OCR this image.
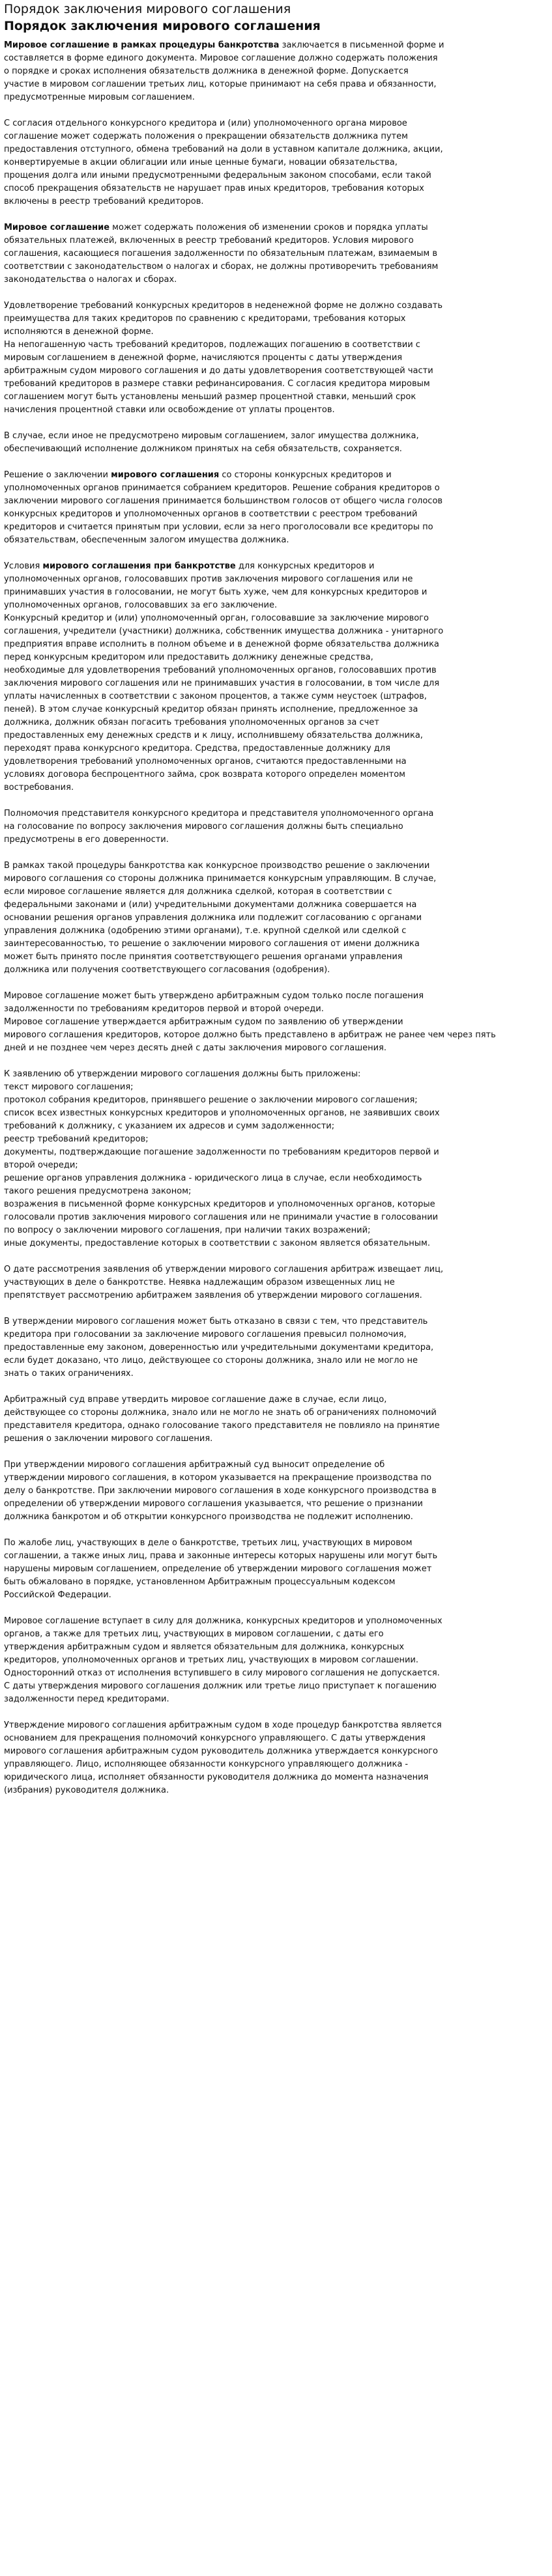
Порядок заключения мирового соглашения
Порядок заключения мирового соглашения

Мировое соглашение в рамках процедуры банкротства заключается в письменной форме и
составляется в форме единого документа. Мировое соглашение должно содержать положения
о порядке и сроках исполнения обязательств должника в денежной форме. Допускается
участие в мировом соглашении третьих лиц, которые принимают на себя права и обязанности,
предусмотренные мировым соглашением.

С согласия отдельного конкурсного кредитора и (или) уполномоченного органа мировое
соглашение может содержать положения о прекращении обязательств должника путем
предоставления отступного, обмена требований на доли в уставном капитале должника, акции,
конвертируемые в акции облигации или иные ценные бумаги, новации обязательства,
прощения долга или иными предусмотренными федеральным законом способами, если такой
способ прекращения обязательств не нарушает прав иных кредиторов, требования которых
включены в реестр требований кредиторов.

Мировое соглашение может содержать положения об изменении сроков и порядка уплаты
обязательных платежей, включенных в реестр требований кредиторов. Условия мирового
соглашения, касающиеся погашения задолженности по обязательным платежам, взимаемым в
соответствии с законодательством о налогах и сборах, не должны противоречить требованиям
законодательства о налогах и сборах.

Удовлетворение требований конкурсных кредиторов в неденежной форме не должно создавать
преимущества для таких кредиторов по сравнению с кредиторами, требования которых
исполняются в денежной форме.
На непогашенную часть требований кредиторов, подлежащих погашению в соответствии с
мировым соглашением в денежной форме, начисляются проценты с даты утверждения
арбитражным судом мирового соглашения и до даты удовлетворения соответствующей части
требований кредиторов в размере ставки рефинансирования. С согласия кредитора мировым
соглашением могут быть установлены меньший размер процентной ставки, меньший срок
начисления процентной ставки или освобождение от уплаты процентов.

В случае, если иное не предусмотрено мировым соглашением, залог имущества должника,
обеспечивающий исполнение должником принятых на себя обязательств, сохраняется.

Решение о заключении мирового соглашения со стороны конкурсных кредиторов и
уполномоченных органов принимается собранием кредиторов. Решение собрания кредиторов о
заключении мирового соглашения принимается большинством голосов от общего числа голосов
конкурсных кредиторов и уполномоченных органов в соответствии с реестром требований
кредиторов и считается принятым при условии, если за него проголосовали все кредиторы по
обязательствам, обеспеченным залогом имущества должника.

Условия мирового соглашения при банкротстве для конкурсных кредиторов и
уполномоченных органов, голосовавших против заключения мирового соглашения или не
принимавших участия в голосовании, не могут быть хуже, чем для конкурсных кредиторов и
уполномоченных органов, голосовавших за его заключение.
Конкурсный кредитор и (или) уполномоченный орган, голосовавшие за заключение мирового
соглашения, учредители (участники) должника, собственник имущества должника - унитарного
предприятия вправе исполнить в полном объеме и в денежной форме обязательства должника
перед конкурсным кредитором или предоставить должнику денежные средства,
необходимые для удовлетворения требований уполномоченных органов, голосовавших против
заключения мирового соглашения или не принимавших участия в голосовании, в том числе для
уплаты начисленных в соответствии с законом процентов, а также сумм неустоек (штрафов,
пеней). В этом случае конкурсный кредитор обязан принять исполнение, предложенное за
должника, должник обязан погасить требования уполномоченных органов за счет
предоставленных ему денежных средств и к лицу, исполнившему обязательства должника,
переходят права конкурсного кредитора. Средства, предоставленные должнику для
удовлетворения требований уполномоченных органов, считаются предоставленными на
условиях договора беспроцентного займа, срок возврата которого определен моментом
востребования.

Полномочия представителя конкурсного кредитора и представителя уполномоченного органа
на голосование по вопросу заключения мирового соглашения должны быть специально
предусмотрены в его доверенности.

В рамках такой процедуры банкротства как конкурсное производство решение о заключении
мирового соглашения со стороны должника принимается конкурсным управляющим. В случае,
если мировое соглашение является для должника сделкой, которая в соответствии с
федеральными законами и (или) учредительными документами должника совершается на
основании решения органов управления должника или подлежит согласованию с органами
управления должника (одобрению этими органами), т.е. крупной сделкой или сделкой с
заинтересованностью, то решение о заключении мирового соглашения от имени должника
может быть принято после принятия соответствующего решения органами управления
должника или получения соответствующего согласования (одобрения).

Мировое соглашение может быть утверждено арбитражным судом только после погашения
задолженности по требованиям кредиторов первой и второй очереди.
Мировое соглашение утверждается арбитражным судом по заявлению об утверждении
мирового соглашения кредиторов, которое должно быть представлено в арбитраж не ранее чем через пять
дней и не позднее чем через десять дней с даты заключения мирового соглашения.

К заявлению об утверждении мирового соглашения должны быть приложены:
текст мирового соглашения;
протокол собрания кредиторов, принявшего решение о заключении мирового соглашения;
список всех известных конкурсных кредиторов и уполномоченных органов, не заявивших своих
требований к должнику, с указанием их адресов и сумм задолженности;
реестр требований кредиторов;
документы, подтверждающие погашение задолженности по требованиям кредиторов первой и
второй очереди;
решение органов управления должника - юридического лица в случае, если необходимость
такого решения предусмотрена законом;
возражения в письменной форме конкурсных кредиторов и уполномоченных органов, которые
голосовали против заключения мирового соглашения или не принимали участие в голосовании
по вопросу о заключении мирового соглашения, при наличии таких возражений;
иные документы, предоставление которых в соответствии с законом является обязательным.

О дате рассмотрения заявления об утверждении мирового соглашения арбитраж извещает лиц,
участвующих в деле о банкротстве. Неявка надлежащим образом извещенных лиц не
препятствует рассмотрению арбитражем заявления об утверждении мирового соглашения.

В утверждении мирового соглашения может быть отказано в связи с тем, что представитель
кредитора при голосовании за заключение мирового соглашения превысил полномочия,
предоставленные ему законом, доверенностью или учредительными документами кредитора,
если будет доказано, что лицо, действующее со стороны должника, знало или не могло не
знать о таких ограничениях.

Арбитражный суд вправе утвердить мировое соглашение даже в случае, если лицо,
действующее со стороны должника, знало или не могло не знать об ограничениях полномочий
представителя кредитора, однако голосование такого представителя не повлияло на принятие
решения о заключении мирового соглашения.

При утверждении мирового соглашения арбитражный суд выносит определение об
утверждении мирового соглашения, в котором указывается на прекращение производства по
делу о банкротстве. При заключении мирового соглашения в ходе конкурсного производства в
определении об утверждении мирового соглашения указывается, что решение о признании
должника банкротом и об открытии конкурсного производства не подлежит исполнению.

По жалобе лиц, участвующих в деле о банкротстве, третьих лиц, участвующих в мировом
соглашении, а также иных лиц, права и законные интересы которых нарушены или могут быть
нарушены мировым соглашением, определение об утверждении мирового соглашения может
быть обжаловано в порядке, установленном Арбитражным процессуальным кодексом
Российской Федерации.

Мировое соглашение вступает в силу для должника, конкурсных кредиторов и уполномоченных
органов, а также для третьих лиц, участвующих в мировом соглашении, с даты его
утверждения арбитражным судом и является обязательным для должника, конкурсных
кредиторов, уполномоченных органов и третьих лиц, участвующих в мировом соглашении.
Односторонний отказ от исполнения вступившего в силу мирового соглашения не допускается.
С даты утверждения мирового соглашения должник или третье лицо приступает к погашению
задолженности перед кредиторами.

Утверждение мирового соглашения арбитражным судом в ходе процедур банкротства является
основанием для прекращения полномочий конкурсного управляющего. С даты утверждения
мирового соглашения арбитражным судом руководитель должника утверждается конкурсного
управляющего. Лицо, исполняющее обязанности конкурсного управляющего должника -
юридического лица, исполняет обязанности руководителя должника до момента назначения
(избрания) руководителя должника.
